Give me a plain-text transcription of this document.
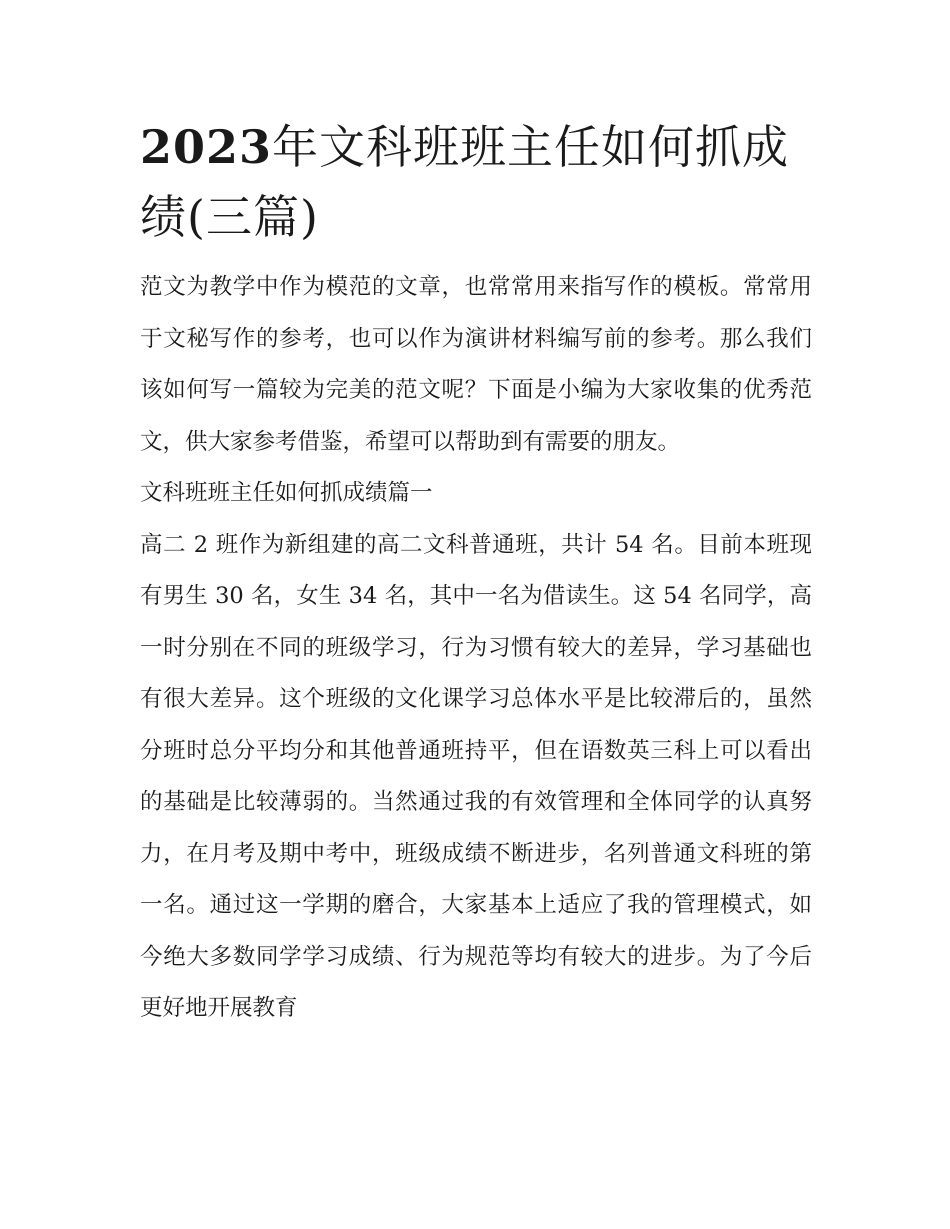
2023年文科班班主任如何抓成绩(三篇)

范文为教学中作为模范的文章，也常常用来指写作的模板。常常用于文秘写作的参考，也可以作为演讲材料编写前的参考。那么我们该如何写一篇较为完美的范文呢？下面是小编为大家收集的优秀范文，供大家参考借鉴，希望可以帮助到有需要的朋友。

文科班班主任如何抓成绩篇一

高二 2 班作为新组建的高二文科普通班，共计 54 名。目前本班现有男生 30 名，女生 34 名，其中一名为借读生。这 54 名同学，高一时分别在不同的班级学习，行为习惯有较大的差异，学习基础也有很大差异。这个班级的文化课学习总体水平是比较滞后的，虽然分班时总分平均分和其他普通班持平，但在语数英三科上可以看出的基础是比较薄弱的。当然通过我的有效管理和全体同学的认真努力，在月考及期中考中，班级成绩不断进步，名列普通文科班的第一名。通过这一学期的磨合，大家基本上适应了我的管理模式，如今绝大多数同学学习成绩、行为规范等均有较大的进步。为了今后更好地开展教育
